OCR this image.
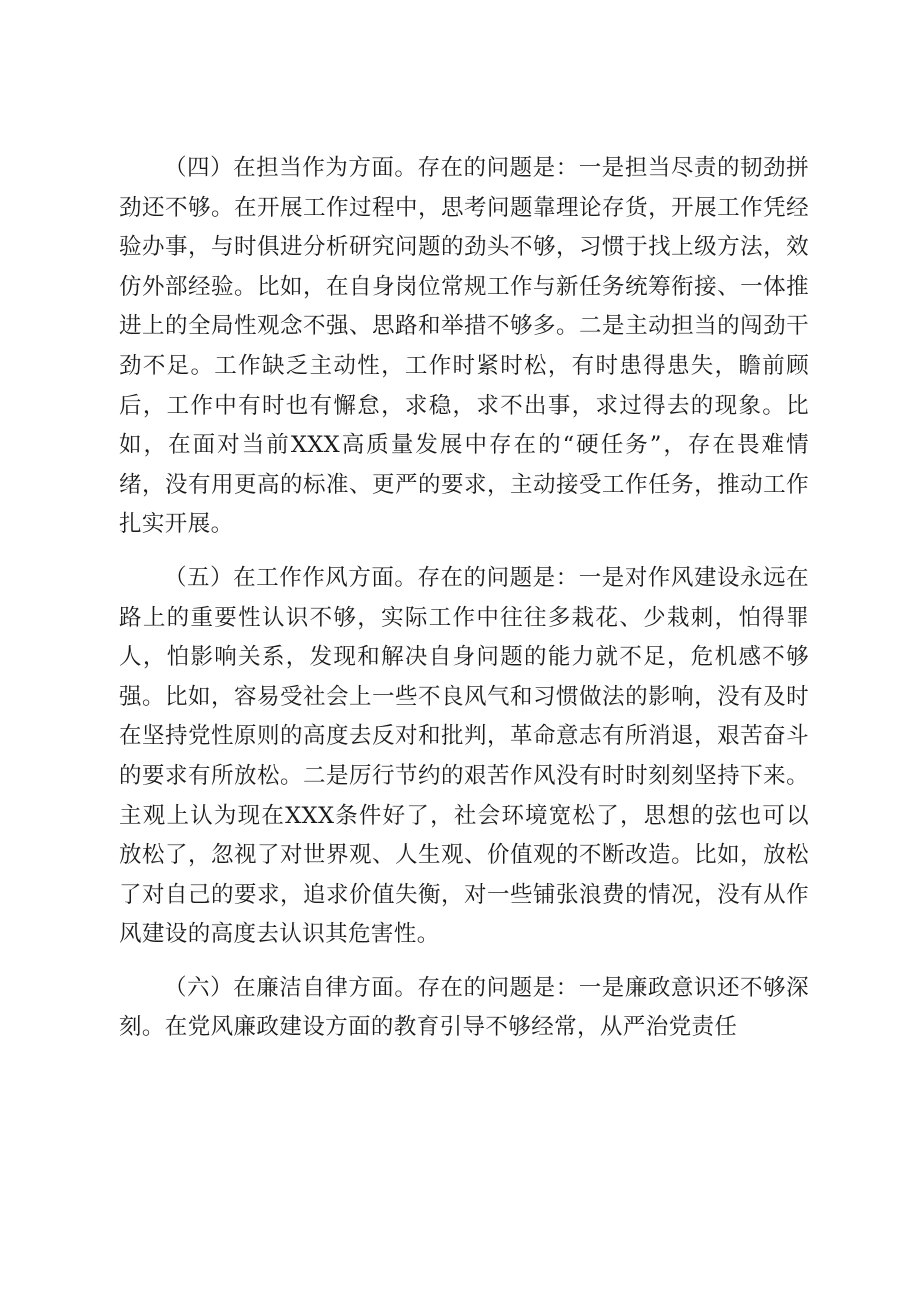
（四）在担当作为方面。存在的问题是：一是担当尽责的韧劲拼劲还不够。在开展工作过程中，思考问题靠理论存货，开展工作凭经验办事，与时俱进分析研究问题的劲头不够，习惯于找上级方法，效仿外部经验。比如，在自身岗位常规工作与新任务统筹衔接、一体推进上的全局性观念不强、思路和举措不够多。二是主动担当的闯劲干劲不足。工作缺乏主动性，工作时紧时松，有时患得患失，瞻前顾后，工作中有时也有懈怠，求稳，求不出事，求过得去的现象。比如，在面对当前XXX高质量发展中存在的“硬任务”，存在畏难情绪，没有用更高的标准、更严的要求，主动接受工作任务，推动工作扎实开展。

（五）在工作作风方面。存在的问题是：一是对作风建设永远在路上的重要性认识不够，实际工作中往往多栽花、少栽刺，怕得罪人，怕影响关系，发现和解决自身问题的能力就不足，危机感不够强。比如，容易受社会上一些不良风气和习惯做法的影响，没有及时在坚持党性原则的高度去反对和批判，革命意志有所消退，艰苦奋斗的要求有所放松。二是厉行节约的艰苦作风没有时时刻刻坚持下来。主观上认为现在XXX条件好了，社会环境宽松了，思想的弦也可以放松了，忽视了对世界观、人生观、价值观的不断改造。比如，放松了对自己的要求，追求价值失衡，对一些铺张浪费的情况，没有从作风建设的高度去认识其危害性。

（六）在廉洁自律方面。存在的问题是：一是廉政意识还不够深刻。在党风廉政建设方面的教育引导不够经常，从严治党责任
